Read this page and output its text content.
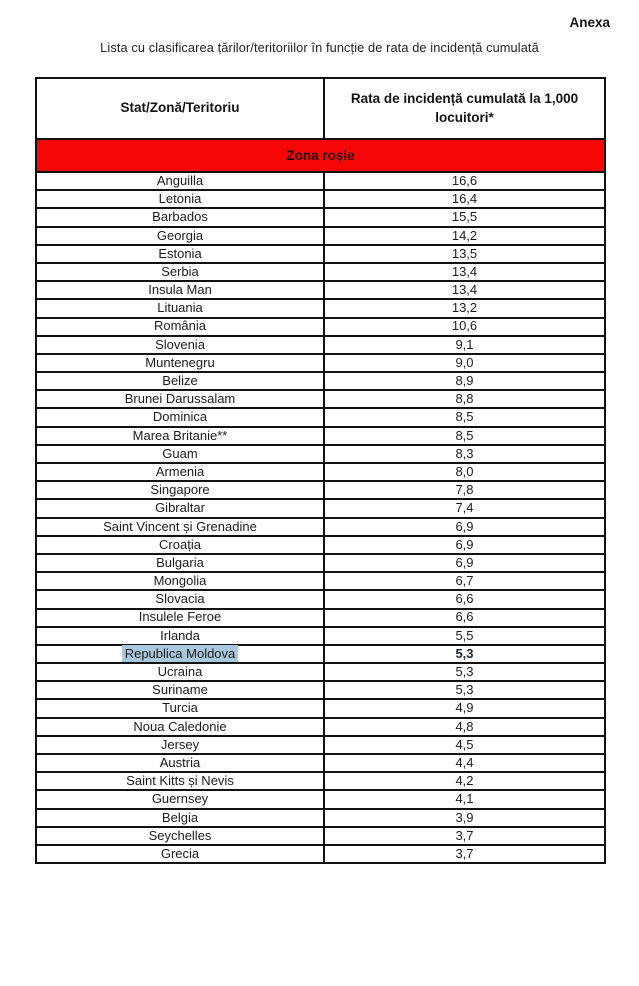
Anexa
Lista cu clasificarea țărilor/teritoriilor în funcție de rata de incidență cumulată
Stat/Zonă/Teritoriu	Rata de incidență cumulată la 1,000 locuitori*
Zona roșie	
Anguilla	16,6
Letonia	16,4
Barbados	15,5
Georgia	14,2
Estonia	13,5
Serbia	13,4
Insula Man	13,4
Lituania	13,2
România	10,6
Slovenia	9,1
Muntenegru	9,0
Belize	8,9
Brunei Darussalam	8,8
Dominica	8,5
Marea Britanie**	8,5
Guam	8,3
Armenia	8,0
Singapore	7,8
Gibraltar	7,4
Saint Vincent și Grenadine	6,9
Croația	6,9
Bulgaria	6,9
Mongolia	6,7
Slovacia	6,6
Insulele Feroe	6,6
Irlanda	5,5
Republica Moldova	5,3
Ucraina	5,3
Suriname	5,3
Turcia	4,9
Noua Caledonie	4,8
Jersey	4,5
Austria	4,4
Saint Kitts și Nevis	4,2
Guernsey	4,1
Belgia	3,9
Seychelles	3,7
Grecia	3,7
